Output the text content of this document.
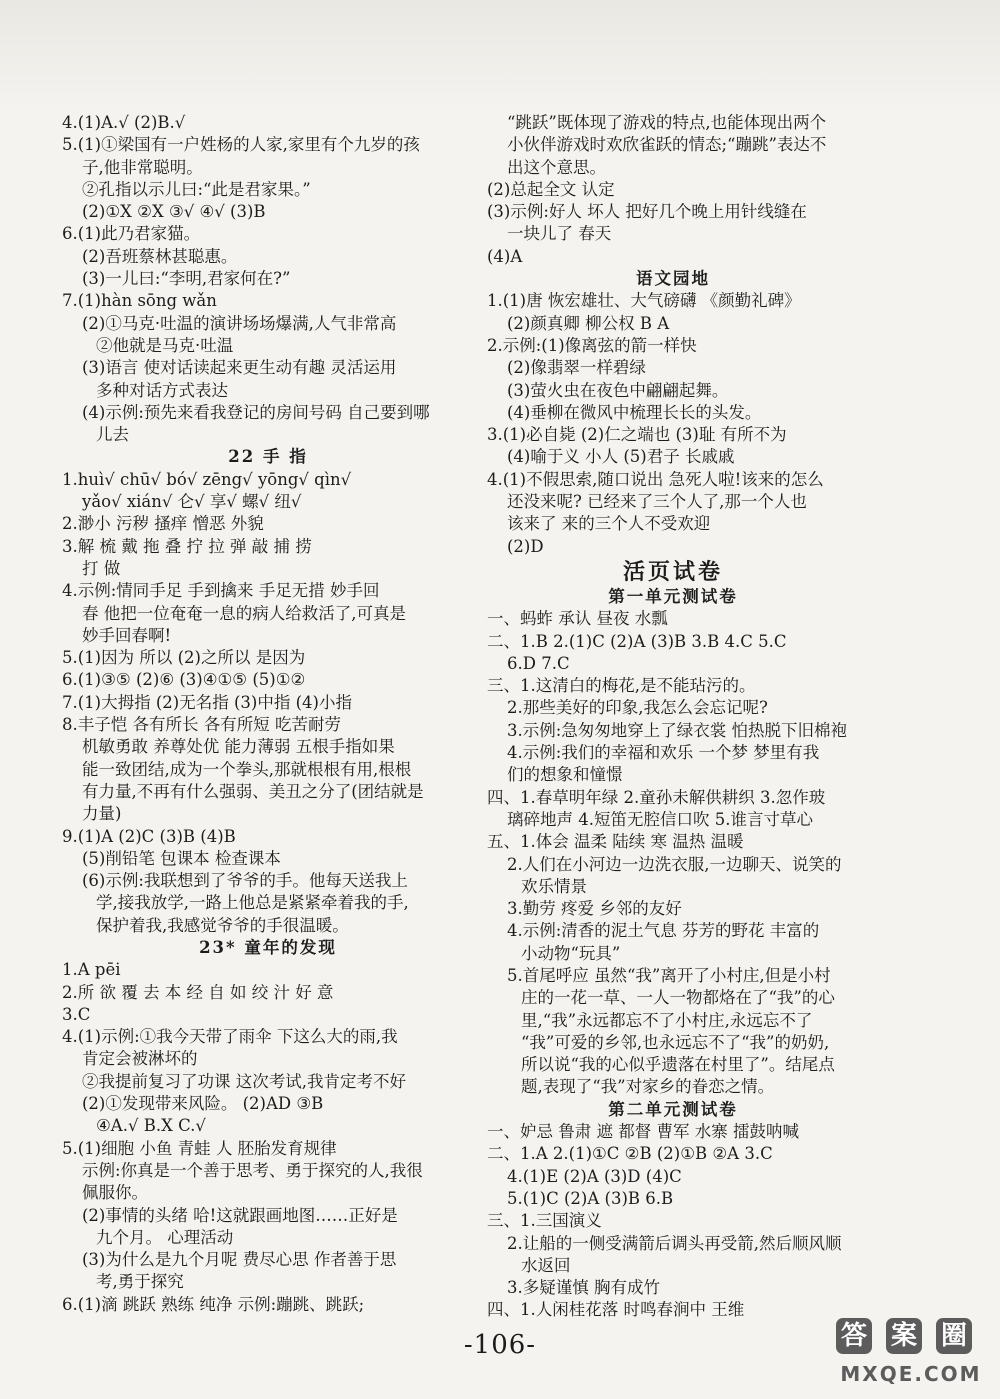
4.(1)A.√ (2)B.√
5.(1)①梁国有一户姓杨的人家,家里有个九岁的孩
子,他非常聪明。
②孔指以示儿曰:“此是君家果。”
(2)①X ②X ③√ ④√ (3)B
6.(1)此乃君家猫。
(2)吾班蔡林甚聪惠。
(3)一儿曰:“李明,君家何在?”
7.(1)hàn sōng wǎn
(2)①马克·吐温的演讲场场爆满,人气非常高
②他就是马克·吐温
(3)语言 使对话读起来更生动有趣 灵活运用
多种对话方式表达
(4)示例:预先来看我登记的房间号码 自己要到哪
儿去
22 手 指
1.huì√ chū√ bó√ zēng√ yōng√ qìn√
yǎo√ xián√ 仑√ 享√ 螺√ 纽√
2.渺小 污秽 搔痒 憎恶 外貌
3.解 梳 戴 拖 叠 拧 拉 弹 敲 捕 捞
打 做
4.示例:情同手足 手到擒来 手足无措 妙手回
春 他把一位奄奄一息的病人给救活了,可真是
妙手回春啊!
5.(1)因为 所以 (2)之所以 是因为
6.(1)③⑤ (2)⑥ (3)④①⑤ (5)①②
7.(1)大拇指 (2)无名指 (3)中指 (4)小指
8.丰子恺 各有所长 各有所短 吃苦耐劳
机敏勇敢 养尊处优 能力薄弱 五根手指如果
能一致团结,成为一个拳头,那就根根有用,根根
有力量,不再有什么强弱、美丑之分了(团结就是
力量)
9.(1)A (2)C (3)B (4)B
(5)削铅笔 包课本 检查课本
(6)示例:我联想到了爷爷的手。他每天送我上
学,接我放学,一路上他总是紧紧牵着我的手,
保护着我,我感觉爷爷的手很温暖。
23* 童年的发现
1.A pēi
2.所 欲 覆 去 本 经 自 如 绞 汁 好 意
3.C
4.(1)示例:①我今天带了雨伞 下这么大的雨,我
肯定会被淋坏的
②我提前复习了功课 这次考试,我肯定考不好
(2)①发现带来风险。 (2)AD ③B
④A.√ B.X C.√
5.(1)细胞 小鱼 青蛙 人 胚胎发育规律
示例:你真是一个善于思考、勇于探究的人,我很
佩服你。
(2)事情的头绪 哈!这就跟画地图……正好是
九个月。 心理活动
(3)为什么是九个月呢 费尽心思 作者善于思
考,勇于探究
6.(1)滴 跳跃 熟练 纯净 示例:蹦跳、跳跃;
“跳跃”既体现了游戏的特点,也能体现出两个
小伙伴游戏时欢欣雀跃的情态;“蹦跳”表达不
出这个意思。
(2)总起全文 认定
(3)示例:好人 坏人 把好几个晚上用针线缝在
一块儿了 春天
(4)A
语文园地
1.(1)唐 恢宏雄壮、大气磅礴 《颜勤礼碑》
(2)颜真卿 柳公权 B A
2.示例:(1)像离弦的箭一样快
(2)像翡翠一样碧绿
(3)萤火虫在夜色中翩翩起舞。
(4)垂柳在微风中梳理长长的头发。
3.(1)必自毙 (2)仁之端也 (3)耻 有所不为
(4)喻于义 小人 (5)君子 长戚戚
4.(1)不假思索,随口说出 急死人啦!该来的怎么
还没来呢? 已经来了三个人了,那一个人也
该来了 来的三个人不受欢迎
(2)D
活页试卷
第一单元测试卷
一、蚂蚱 承认 昼夜 水瓢
二、1.B 2.(1)C (2)A (3)B 3.B 4.C 5.C
6.D 7.C
三、1.这清白的梅花,是不能玷污的。
2.那些美好的印象,我怎么会忘记呢?
3.示例:急匆匆地穿上了绿衣裳 怕热脱下旧棉袍
4.示例:我们的幸福和欢乐 一个梦 梦里有我
们的想象和憧憬
四、1.春草明年绿 2.童孙未解供耕织 3.忽作玻
璃碎地声 4.短笛无腔信口吹 5.谁言寸草心
五、1.体会 温柔 陆续 寒 温热 温暖
2.人们在小河边一边洗衣服,一边聊天、说笑的
欢乐情景
3.勤劳 疼爱 乡邻的友好
4.示例:清香的泥土气息 芬芳的野花 丰富的
小动物“玩具”
5.首尾呼应 虽然“我”离开了小村庄,但是小村
庄的一花一草、一人一物都烙在了“我”的心
里,“我”永远都忘不了小村庄,永远忘不了
“我”可爱的乡邻,也永远忘不了“我”的奶奶,
所以说“我的心似乎遗落在村里了”。结尾点
题,表现了“我”对家乡的眷恋之情。
第二单元测试卷
一、妒忌 鲁肃 遮 都督 曹军 水寨 擂鼓呐喊
二、1.A 2.(1)①C ②B (2)①B ②A 3.C
4.(1)E (2)A (3)D (4)C
5.(1)C (2)A (3)B 6.B
三、1.三国演义
2.让船的一侧受满箭后调头再受箭,然后顺风顺
水返回
3.多疑谨慎 胸有成竹
四、1.人闲桂花落 时鸣春涧中 王维
-106-	答 案 圈
MXQE.COM
